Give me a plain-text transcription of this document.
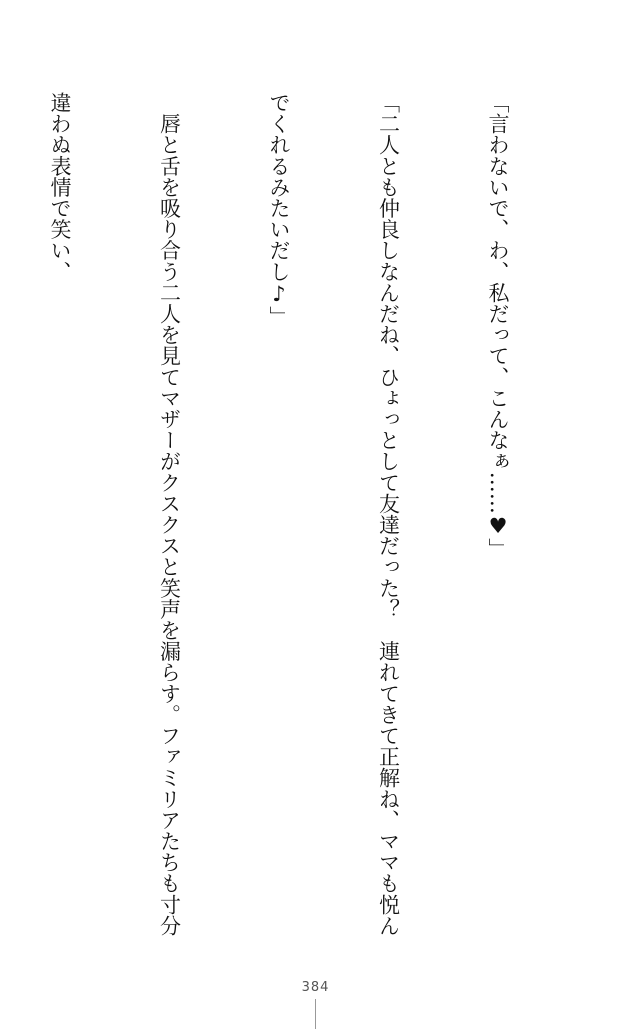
「言わないで、わ、私だって、こんなぁ……♥」

「二人とも仲良しなんだね、ひょっとして友達だった？　連れてきて正解ね、ママも悦ん

でくれるみたいだし♪」

　唇と舌を吸り合う二人を見てマザーがクスクスと笑声を漏らす。ファミリアたちも寸分

違わぬ表情で笑い、

384
